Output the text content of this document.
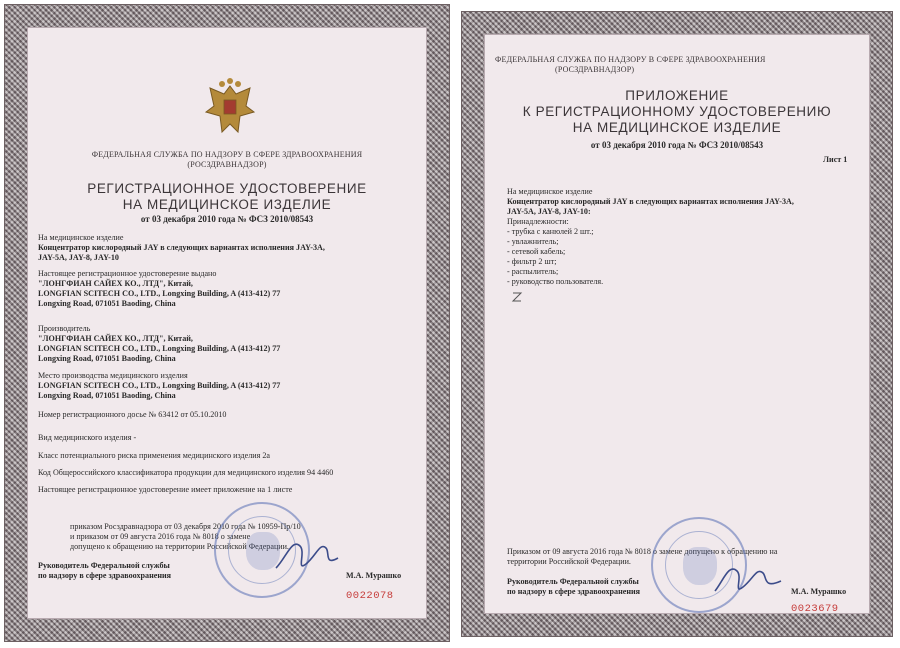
ФЕДЕРАЛЬНАЯ СЛУЖБА ПО НАДЗОРУ В СФЕРЕ ЗДРАВООХРАНЕНИЯ
(РОСЗДРАВНАДЗОР)
РЕГИСТРАЦИОННОЕ УДОСТОВЕРЕНИЕ
НА МЕДИЦИНСКОЕ ИЗДЕЛИЕ
от 03 декабря 2010 года № ФСЗ 2010/08543
На медицинское изделие
Концентратор кислородный JAY в следующих вариантах исполнения JAY-3A,
JAY-5A, JAY-8, JAY-10
Настоящее регистрационное удостоверение выдано
"ЛОНГФИАН САЙЕХ КО., ЛТД", Китай,
LONGFIAN SCITECH CO., LTD., Longxing Building, A (413-412) 77
Longxing Road, 071051 Baoding, China
Производитель
"ЛОНГФИАН САЙЕХ КО., ЛТД", Китай,
LONGFIAN SCITECH CO., LTD., Longxing Building, A (413-412) 77
Longxing Road, 071051 Baoding, China
Место производства медицинского изделия
LONGFIAN SCITECH CO., LTD., Longxing Building, A (413-412) 77
Longxing Road, 071051 Baoding, China
Номер регистрационного досье № 63412 от 05.10.2010
Вид медицинского изделия -
Класс потенциального риска применения медицинского изделия 2a
Код Общероссийского классификатора продукции для медицинского изделия 94 4460
Настоящее регистрационное удостоверение имеет приложение на 1 листе
приказом Росздравнадзора от 03 декабря 2010 года № 10959-Пр/10
и приказом от 09 августа 2016 года № 8018 о замене
допущено к обращению на территории Российской Федерации.
Руководитель Федеральной службы
по надзору в сфере здравоохранения	М.А. Мурашко
0022078
ФЕДЕРАЛЬНАЯ СЛУЖБА ПО НАДЗОРУ В СФЕРЕ ЗДРАВООХРАНЕНИЯ
(РОСЗДРАВНАДЗОР)
ПРИЛОЖЕНИЕ
К РЕГИСТРАЦИОННОМУ УДОСТОВЕРЕНИЮ
НА МЕДИЦИНСКОЕ ИЗДЕЛИЕ
от 03 декабря 2010 года № ФСЗ 2010/08543
Лист 1
На медицинское изделие
Концентратор кислородный JAY в следующих вариантах исполнения JAY-3A,
JAY-5A, JAY-8, JAY-10:
Принадлежности:
- трубка с канюлей 2 шт.;
- увлажнитель;
- сетевой кабель;
- фильтр 2 шт;
- распылитель;
- руководство пользователя.
Приказом от 09 августа 2016 года № 8018 о замене допущено к обращению на
территории Российской Федерации.
Руководитель Федеральной службы
по надзору в сфере здравоохранения	М.А. Мурашко
0023679
